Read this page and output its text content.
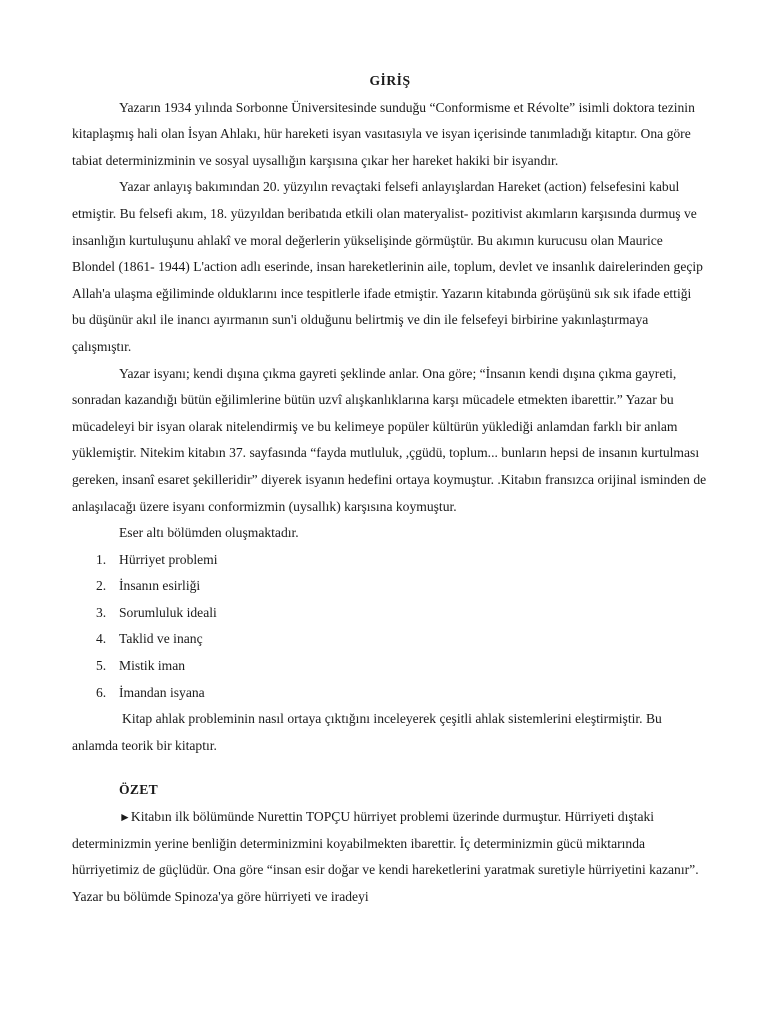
GİRİŞ

Yazarın 1934 yılında Sorbonne Üniversitesinde sunduğu “Conformisme et Révolte” isimli doktora tezinin kitaplaşmış hali olan İsyan Ahlakı, hür hareketi isyan vasıtasıyla ve isyan içerisinde tanımladığı kitaptır. Ona göre tabiat determinizminin ve sosyal uysallığın karşısına çıkar her hareket hakiki bir isyandır.

Yazar anlayış bakımından 20. yüzyılın revaçtaki felsefi anlayışlardan Hareket (action) felsefesini kabul etmiştir. Bu felsefi akım, 18. yüzyıldan beribatıda etkili olan materyalist- pozitivist akımların karşısında durmuş ve insanlığın kurtuluşunu ahlakî ve moral değerlerin yükselişinde görmüştür. Bu akımın kurucusu olan Maurice Blondel (1861- 1944) L'action adlı eserinde, insan hareketlerinin aile, toplum, devlet ve insanlık dairelerinden geçip Allah'a ulaşma eğiliminde olduklarını ince tespitlerle ifade etmiştir. Yazarın kitabında görüşünü sık sık ifade ettiği bu düşünür akıl ile inancı ayırmanın sun'i olduğunu belirtmiş ve din ile felsefeyi birbirine yakınlaştırmaya çalışmıştır.

Yazar isyanı; kendi dışına çıkma gayreti şeklinde anlar. Ona göre; “İnsanın kendi dışına çıkma gayreti, sonradan kazandığı bütün eğilimlerine bütün uzvî alışkanlıklarına karşı mücadele etmekten ibarettir.” Yazar bu mücadeleyi bir isyan olarak nitelendirmiş ve bu kelimeye popüler kültürün yüklediği anlamdan farklı bir anlam yüklemiştir. Nitekim kitabın 37. sayfasında “fayda mutluluk, ,çgüdü, toplum... bunların hepsi de insanın kurtulması gereken, insanî esaret şekilleridir” diyerek isyanın hedefini ortaya koymuştur. .Kitabın fransızca orijinal isminden de anlaşılacağı üzere isyanı conformizmin (uysallık) karşısına koymuştur.

Eser altı bölümden oluşmaktadır.

1. Hürriyet problemi
2. İnsanın esirliği
3. Sorumluluk ideali
4. Taklid ve inanç
5. Mistik iman
6. İmandan isyana

Kitap ahlak probleminin nasıl ortaya çıktığını inceleyerek çeşitli ahlak sistemlerini eleştirmiştir. Bu anlamda teorik bir kitaptır.

ÖZET

►Kitabın ilk bölümünde Nurettin TOPÇU hürriyet problemi üzerinde durmuştur. Hürriyeti dıştaki determinizmin yerine benliğin determinizmini koyabilmekten ibarettir. İç determinizmin gücü miktarında hürriyetimiz de güçlüdür. Ona göre “insan esir doğar ve kendi hareketlerini yaratmak suretiyle hürriyetini kazanır”. Yazar bu bölümde Spinoza'ya göre hürriyeti ve iradeyi
